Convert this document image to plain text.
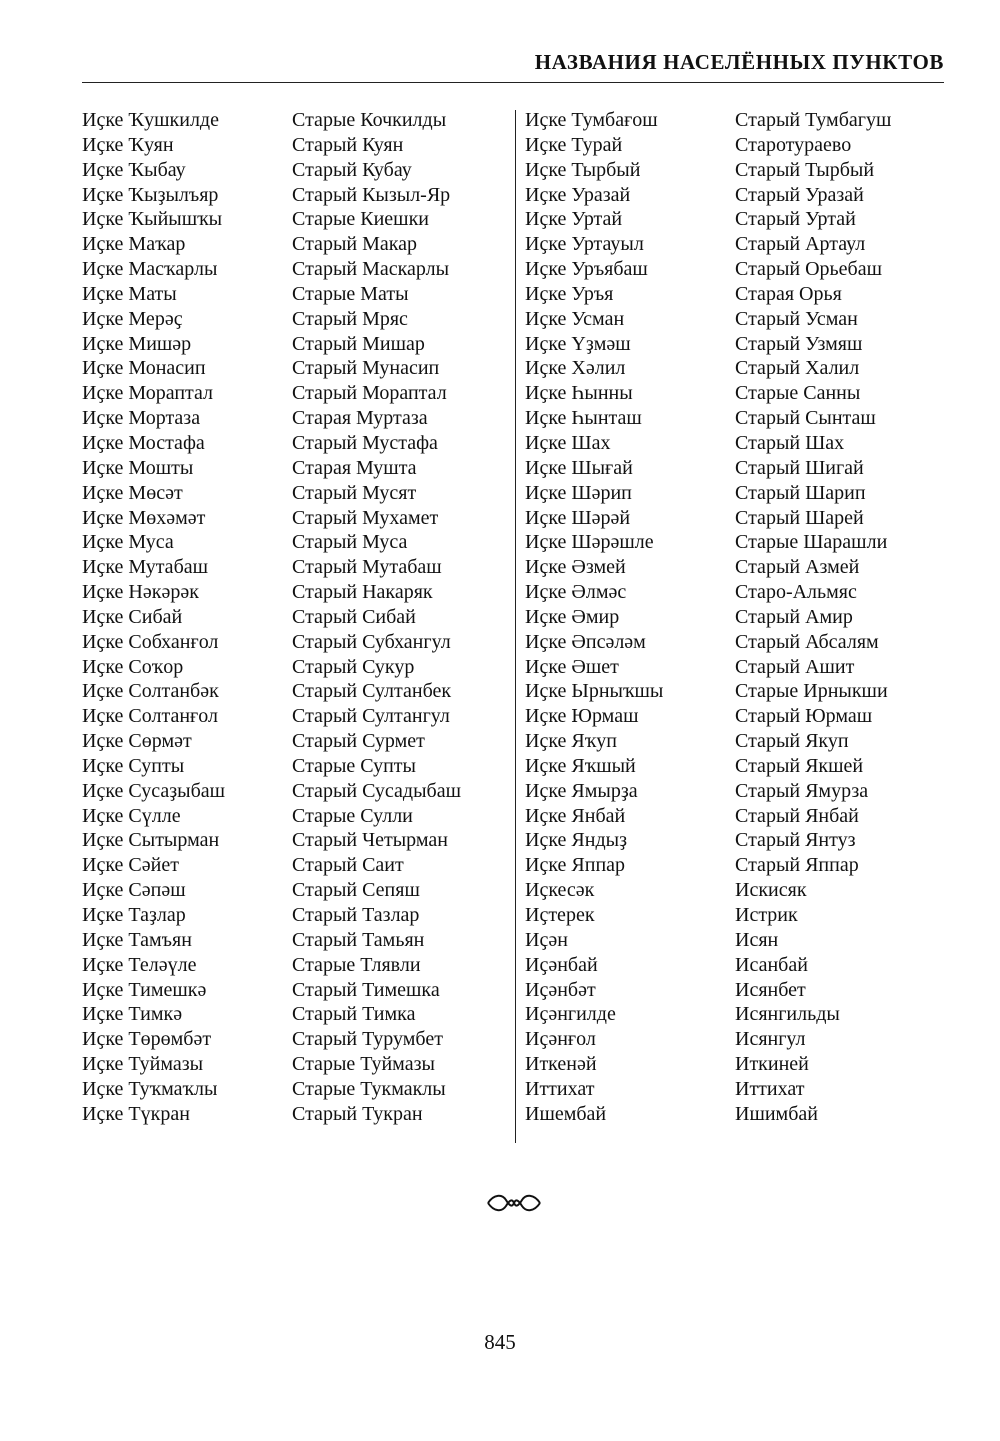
НАЗВАНИЯ НАСЕЛЁННЫХ ПУНКТОВ
Иҫке Ҡушкилде
Иҫке Ҡуян
Иҫке Ҡыбау
Иҫке Ҡыҙылъяр
Иҫке Ҡыйышҡы
Иҫке Маҡар
Иҫке Масҡарлы
Иҫке Маты
Иҫке Мерәҫ
Иҫке Мишәр
Иҫке Монасип
Иҫке Мораптал
Иҫке Мортаза
Иҫке Мостафа
Иҫке Мошты
Иҫке Мөсәт
Иҫке Мөхәмәт
Иҫке Муса
Иҫке Мутабаш
Иҫке Нәкәрәк
Иҫке Сибай
Иҫке Собханғол
Иҫке Соҡор
Иҫке Солтанбәк
Иҫке Солтанғол
Иҫке Сөрмәт
Иҫке Супты
Иҫке Сусаҙыбаш
Иҫке Сүлле
Иҫке Сытырман
Иҫке Сәйет
Иҫке Сәпәш
Иҫке Таҙлар
Иҫке Тамъян
Иҫке Теләүле
Иҫке Тимешкә
Иҫке Тимкә
Иҫке Төрөмбәт
Иҫке Туймазы
Иҫке Туҡмаҡлы
Иҫке Түкран
Старые Кочкилды
Старый Куян
Старый Кубау
Старый Кызыл-Яр
Старые Киешки
Старый Макар
Старый Маскарлы
Старые Маты
Старый Мряс
Старый Мишар
Старый Мунасип
Старый Мораптал
Старая Муртаза
Старый Мустафа
Старая Мушта
Старый Мусят
Старый Мухамет
Старый Муса
Старый Мутабаш
Старый Накаряк
Старый Сибай
Старый Субхангул
Старый Сукур
Старый Султанбек
Старый Султангул
Старый Сурмет
Старые Супты
Старый Сусадыбаш
Старые Сулли
Старый Четырман
Старый Саит
Старый Сепяш
Старый Тазлар
Старый Тамьян
Старые Тлявли
Старый Тимешка
Старый Тимка
Старый Турумбет
Старые Туймазы
Старые Тукмаклы
Старый Тукран
Иҫке Тумбағош
Иҫке Турай
Иҫке Тырбый
Иҫке Уразай
Иҫке Уртай
Иҫке Уртауыл
Иҫке Уръябаш
Иҫке Уръя
Иҫке Усман
Иҫке Үҙмәш
Иҫке Хәлил
Иҫке Һынны
Иҫке Һынташ
Иҫке Шах
Иҫке Шығай
Иҫке Шәрип
Иҫке Шәрәй
Иҫке Шәрәшле
Иҫке Әзмей
Иҫке Әлмәс
Иҫке Әмир
Иҫке Әпсәләм
Иҫке Әшет
Иҫке Ырныҡшы
Иҫке Юрмаш
Иҫке Яҡуп
Иҫке Яҡшый
Иҫке Ямырҙа
Иҫке Янбай
Иҫке Яндыҙ
Иҫке Яппар
Иҫкесәк
Иҫтерек
Иҫән
Иҫәнбай
Иҫәнбәт
Иҫәнгилде
Иҫәнғол
Иткенәй
Иттихат
Ишембай
Старый Тумбагуш
Старотураево
Старый Тырбый
Старый Уразай
Старый Уртай
Старый Артаул
Старый Орьебаш
Старая Орья
Старый Усман
Старый Узмяш
Старый Халил
Старые Санны
Старый Сынташ
Старый Шах
Старый Шигай
Старый Шарип
Старый Шарей
Старые Шарашли
Старый Азмей
Старо-Альмяс
Старый Амир
Старый Абсалям
Старый Ашит
Старые Ирныкши
Старый Юрмаш
Старый Якуп
Старый Якшей
Старый Ямурза
Старый Янбай
Старый Янтуз
Старый Яппар
Искисяк
Истрик
Исян
Исанбай
Исянбет
Исянгильды
Исянгул
Иткиней
Иттихат
Ишимбай
845
